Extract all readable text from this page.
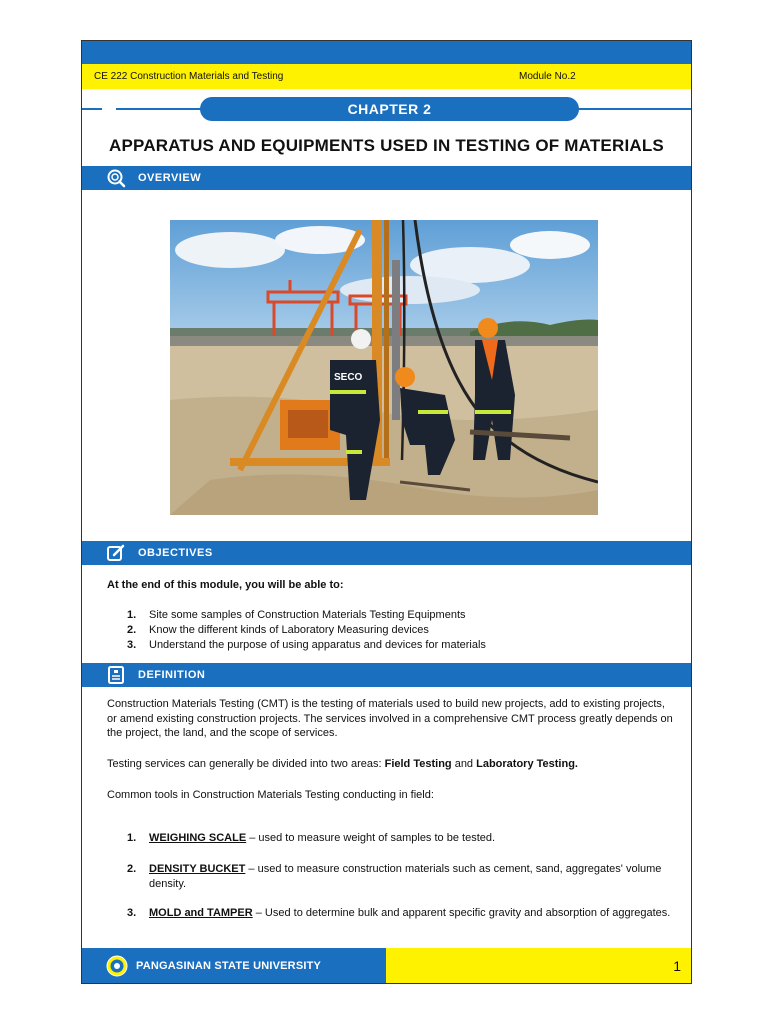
CE 222 Construction Materials and Testing	Module No.2
CHAPTER 2
APPARATUS AND EQUIPMENTS USED IN TESTING OF MATERIALS
OVERVIEW
SECO
OBJECTIVES
At the end of this module, you will be able to:
1. Site some samples of Construction Materials Testing Equipments
2. Know the different kinds of Laboratory Measuring devices
3. Understand the purpose of using apparatus and devices for materials
DEFINITION
Construction Materials Testing (CMT) is the testing of materials used to build new projects, add to existing projects, or amend existing construction projects. The services involved in a comprehensive CMT process greatly depends on the project, the land, and the scope of services.
Testing services can generally be divided into two areas: Field Testing and Laboratory Testing.
Common tools in Construction Materials Testing conducting in field:
1. WEIGHING SCALE – used to measure weight of samples to be tested.
2. DENSITY BUCKET – used to measure construction materials such as cement, sand, aggregates' volume density.
3. MOLD and TAMPER – Used to determine bulk and apparent specific gravity and absorption of aggregates.
PANGASINAN STATE UNIVERSITY	1
